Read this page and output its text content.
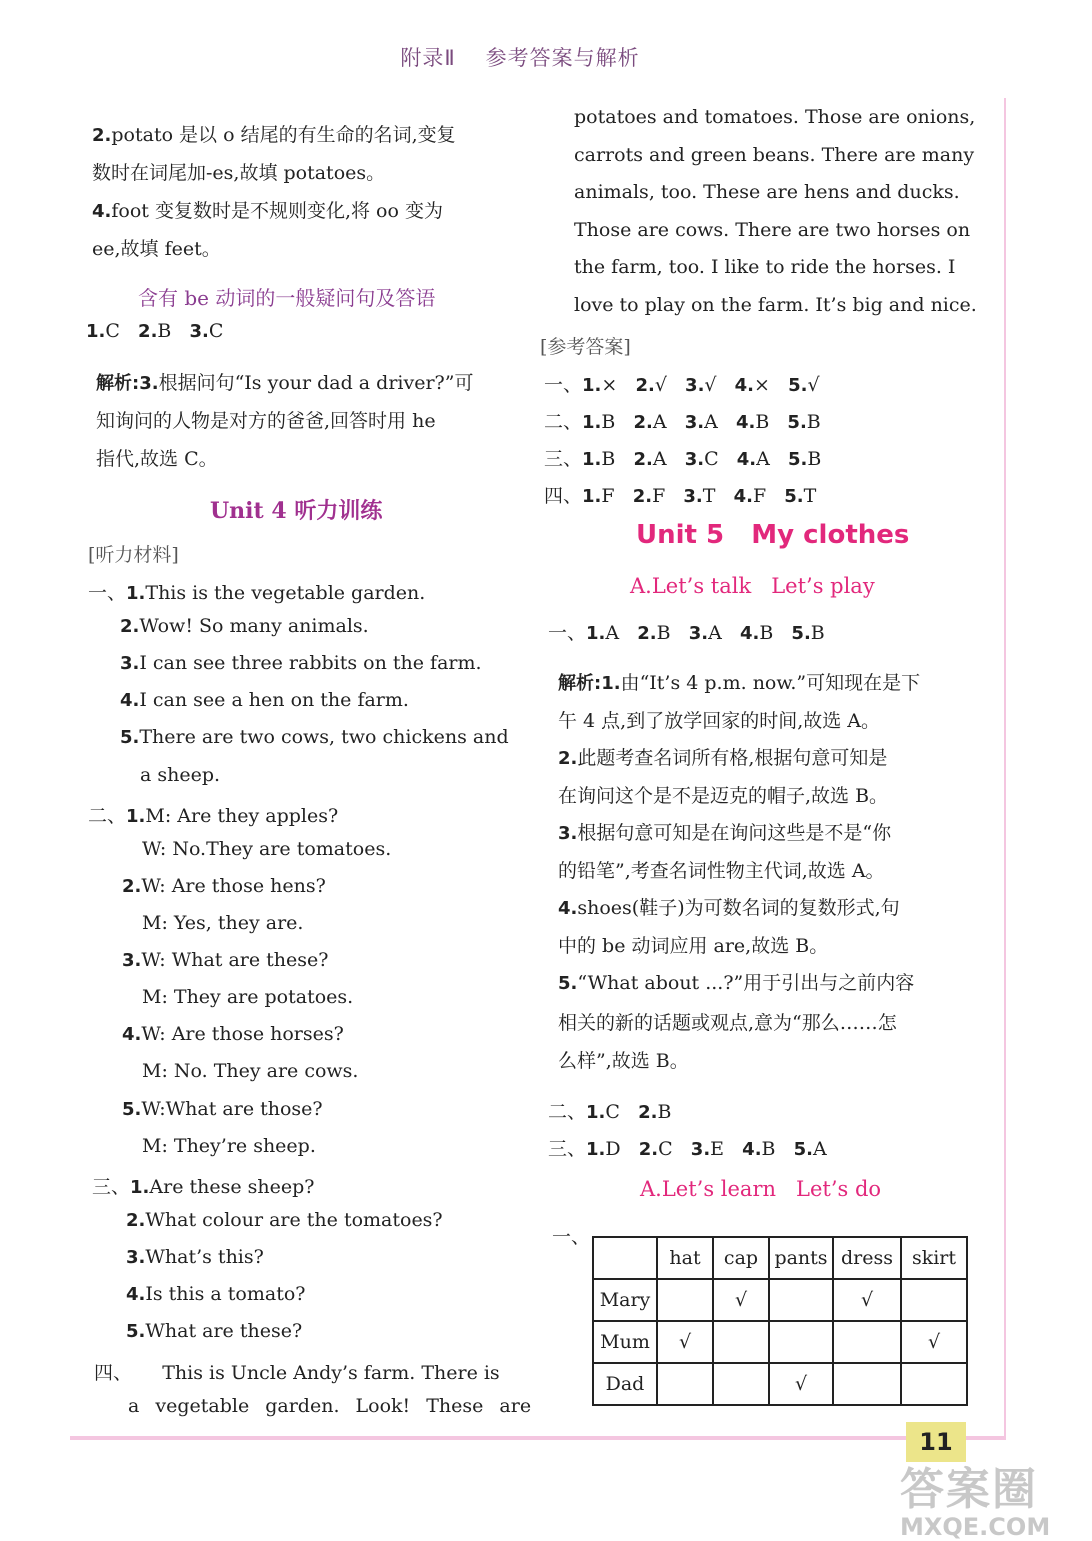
附录Ⅱ 参考答案与解析
2.potato 是以 o 结尾的有生命的名词,变复
数时在词尾加-es,故填 potatoes。
4.foot 变复数时是不规则变化,将 oo 变为
ee,故填 feet。
含有 be 动词的一般疑问句及答语
1.C 2.B 3.C
解析:3.根据问句“Is your dad a driver?”可
知询问的人物是对方的爸爸,回答时用 he
指代,故选 C。
Unit 4 听力训练
[听力材料]
一、1.This is the vegetable garden.
2.Wow! So many animals.
3.I can see three rabbits on the farm.
4.I can see a hen on the farm.
5.There are two cows, two chickens and
a sheep.
二、1.M: Are they apples?
W: No.They are tomatoes.
2.W: Are those hens?
M: Yes, they are.
3.W: What are these?
M: They are potatoes.
4.W: Are those horses?
M: No. They are cows.
5.W:What are those?
M: They’re sheep.
三、1.Are these sheep?
2.What colour are the tomatoes?
3.What’s this?
4.Is this a tomato?
5.What are these?
四、 This is Uncle Andy’s farm. There is
a vegetable garden. Look! These are
potatoes and tomatoes. Those are onions,
carrots and green beans. There are many
animals, too. These are hens and ducks.
Those are cows. There are two horses on
the farm, too. I like to ride the horses. I
love to play on the farm. It’s big and nice.
[参考答案]
一、1.× 2.√ 3.√ 4.× 5.√
二、1.B 2.A 3.A 4.B 5.B
三、1.B 2.A 3.C 4.A 5.B
四、1.F 2.F 3.T 4.F 5.T
Unit 5   My clothes
A.Let’s talk   Let’s play
一、1.A 2.B 3.A 4.B 5.B
解析:1.由“It’s 4 p.m. now.”可知现在是下
午 4 点,到了放学回家的时间,故选 A。
2.此题考查名词所有格,根据句意可知是
在询问这个是不是迈克的帽子,故选 B。
3.根据句意可知是在询问这些是不是“你
的铅笔”,考查名词性物主代词,故选 A。
4.shoes(鞋子)为可数名词的复数形式,句
中的 be 动词应用 are,故选 B。
5.“What about ...?”用于引出与之前内容
相关的新的话题或观点,意为“那么……怎
么样”,故选 B。
二、1.C 2.B
三、1.D 2.C 3.E 4.B 5.A
A.Let’s learn   Let’s do
一、
	hat	cap	pants	dress	skirt
Mary		√		√	
Mum	√				√
Dad			√		
11
答案圈
MXQE.COM
